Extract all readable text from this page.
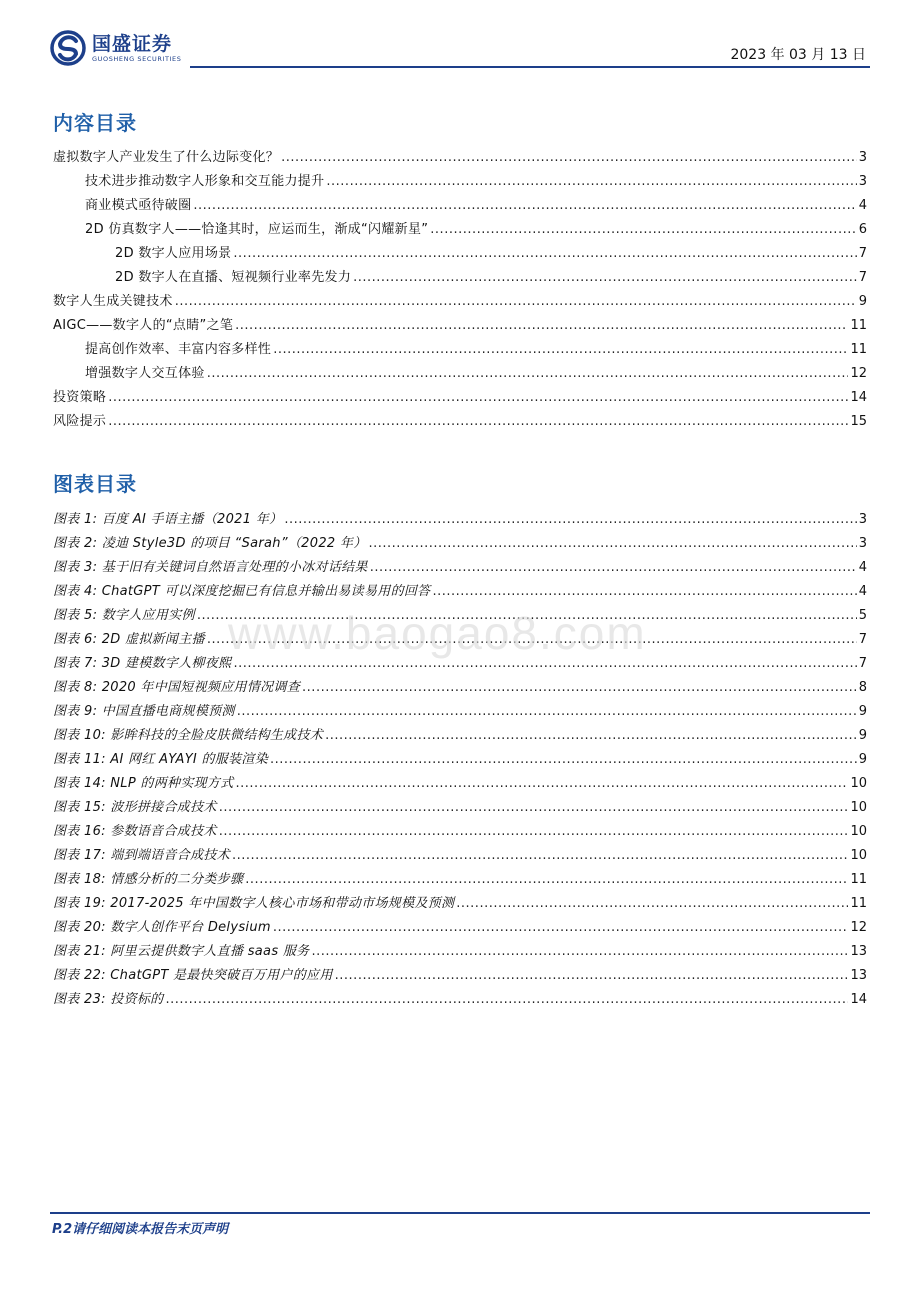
国盛证券
GUOSHENG SECURITIES	2023 年 03 月 13 日
内容目录
虚拟数字人产业发生了什么边际变化？ .....	3
技术进步推动数字人形象和交互能力提升 .....	3
商业模式亟待破圈 .....	4
2D 仿真数字人——恰逢其时，应运而生，渐成“闪耀新星” .....	6
2D 数字人应用场景 .....	7
2D 数字人在直播、短视频行业率先发力 .....	7
数字人生成关键技术 .....	9
AIGC——数字人的“点睛”之笔 .....	11
提高创作效率、丰富内容多样性 .....	11
增强数字人交互体验 .....	12
投资策略 .....	14
风险提示 .....	15
图表目录
图表 1: 百度 AI 手语主播（2021 年） .....	3
图表 2: 凌迪 Style3D 的项目 “Sarah”（2022 年） .....	3
图表 3: 基于旧有关键词自然语言处理的小冰对话结果 .....	4
图表 4: ChatGPT 可以深度挖掘已有信息并输出易读易用的回答 .....	4
图表 5: 数字人应用实例 .....	5
图表 6: 2D 虚拟新闻主播 .....	7
图表 7: 3D 建模数字人柳夜熙 .....	7
图表 8: 2020 年中国短视频应用情况调查 .....	8
图表 9: 中国直播电商规模预测 .....	9
图表 10: 影眸科技的全脸皮肤微结构生成技术 .....	9
图表 11: AI 网红 AYAYI 的服装渲染 .....	9
图表 14: NLP 的两种实现方式 .....	10
图表 15: 波形拼接合成技术 .....	10
图表 16: 参数语音合成技术 .....	10
图表 17: 端到端语音合成技术 .....	10
图表 18: 情感分析的二分类步骤 .....	11
图表 19: 2017-2025 年中国数字人核心市场和带动市场规模及预测 .....	11
图表 20: 数字人创作平台 Delysium .....	12
图表 21: 阿里云提供数字人直播 saas 服务 .....	13
图表 22: ChatGPT 是最快突破百万用户的应用 .....	13
图表 23: 投资标的 .....	14
www.baogao8.com
P.2请仔细阅读本报告末页声明
